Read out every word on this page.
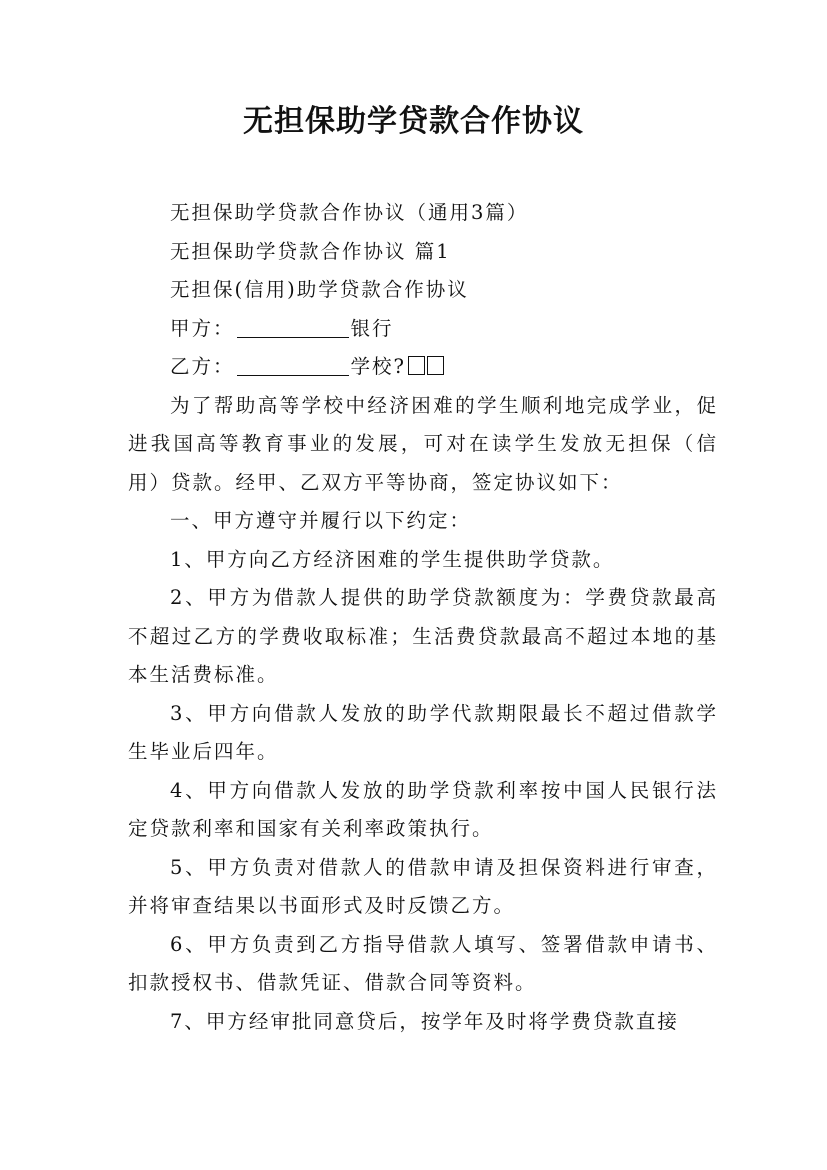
无担保助学贷款合作协议

无担保助学贷款合作协议（通用3篇）

无担保助学贷款合作协议 篇1

无担保(信用)助学贷款合作协议

甲方：	银行

乙方：	学校?

为了帮助高等学校中经济困难的学生顺利地完成学业，促进我国高等教育事业的发展，可对在读学生发放无担保（信用）贷款。经甲、乙双方平等协商，签定协议如下：

一、甲方遵守并履行以下约定：

1、甲方向乙方经济困难的学生提供助学贷款。

2、甲方为借款人提供的助学贷款额度为：学费贷款最高不超过乙方的学费收取标准；生活费贷款最高不超过本地的基本生活费标准。

3、甲方向借款人发放的助学代款期限最长不超过借款学生毕业后四年。

4、甲方向借款人发放的助学贷款利率按中国人民银行法定贷款利率和国家有关利率政策执行。

5、甲方负责对借款人的借款申请及担保资料进行审查，并将审查结果以书面形式及时反馈乙方。

6、甲方负责到乙方指导借款人填写、签署借款申请书、扣款授权书、借款凭证、借款合同等资料。

7、甲方经审批同意贷后，按学年及时将学费贷款直接
